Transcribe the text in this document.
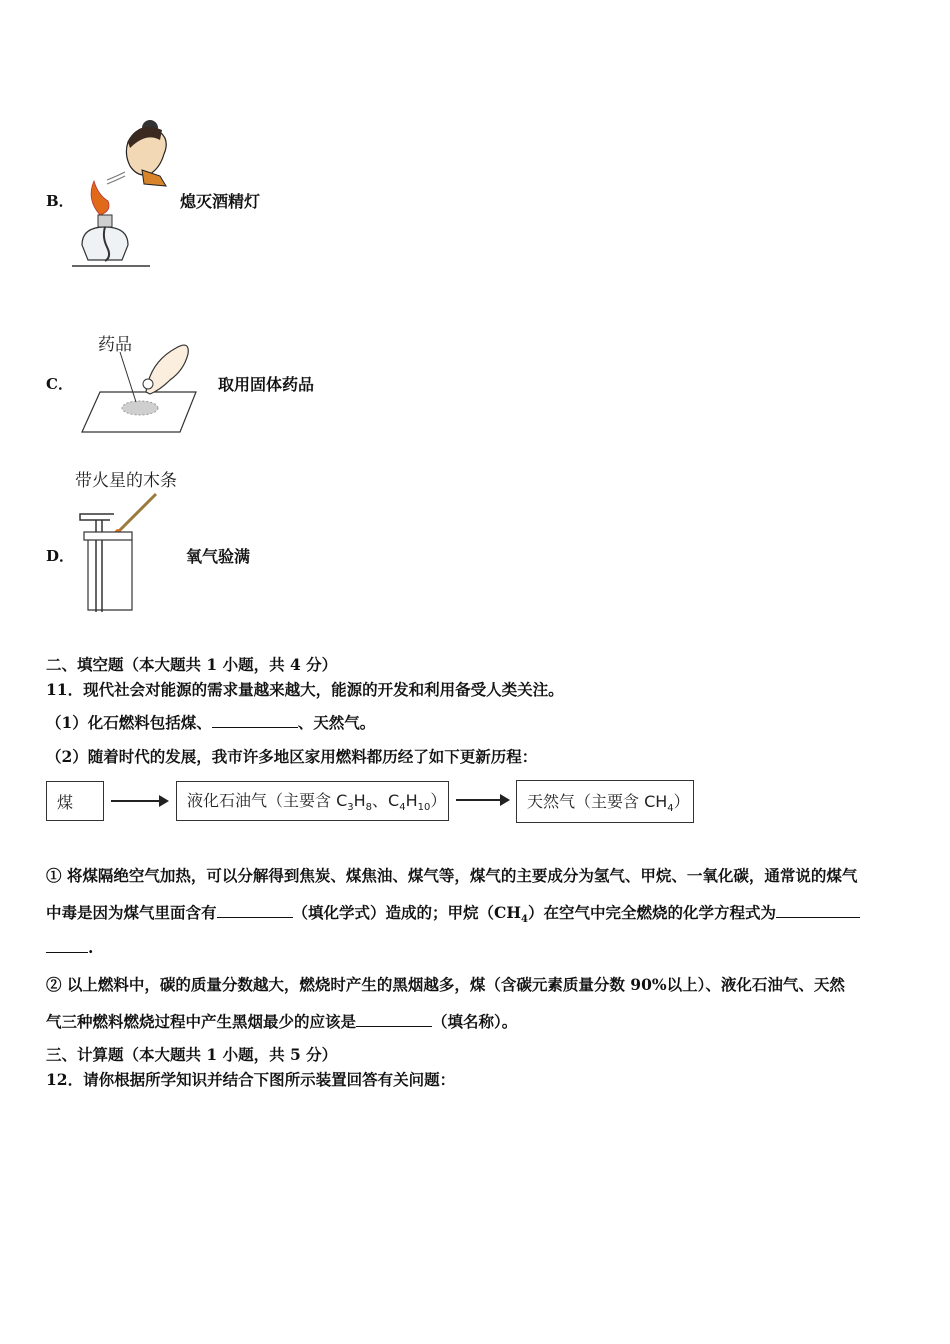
B．	熄灭酒精灯
药品
C．	取用固体药品
带火星的木条
D．	氧气验满
二、填空题（本大题共 1 小题，共 4 分）
11．现代社会对能源的需求量越来越大，能源的开发和利用备受人类关注。
（1）化石燃料包括煤、	、天然气。
（2）随着时代的发展，我市许多地区家用燃料都历经了如下更新历程：
煤	液化石油气（主要含 $C_3H_8$、$C_4H_{10}$）	天然气（主要含 $CH_4$）
① 将煤隔绝空气加热，可以分解得到焦炭、煤焦油、煤气等，煤气的主要成分为氢气、甲烷、一氧化碳，通常说的煤气
中毒是因为煤气里面含有	（填化学式）造成的；甲烷$(CH_4)$在空气中完全燃烧的化学方程式为
.
② 以上燃料中，碳的质量分数越大，燃烧时产生的黑烟越多，煤（含碳元素质量分数 90%以上）、液化石油气、天然
气三种燃料燃烧过程中产生黑烟最少的应该是	（填名称）。
三、计算题（本大题共 1 小题，共 5 分）
12．请你根据所学知识并结合下图所示装置回答有关问题：
